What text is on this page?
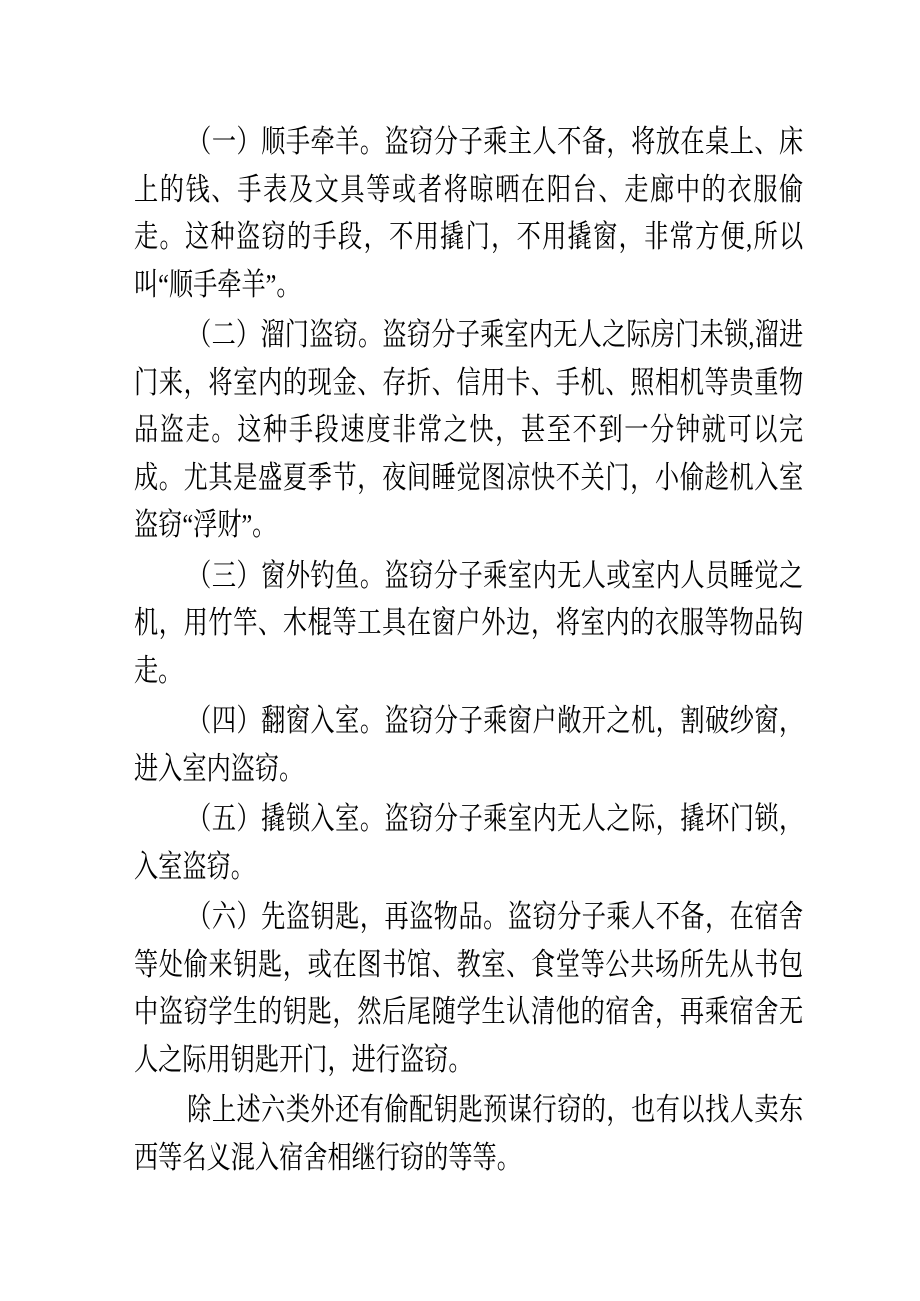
（一）顺手牵羊。盗窃分子乘主人不备，将放在桌上、床上的钱、手表及文具等或者将晾晒在阳台、走廊中的衣服偷走。这种盗窃的手段，不用撬门，不用撬窗，非常方便,所以叫“顺手牵羊”。

（二）溜门盗窃。盗窃分子乘室内无人之际房门未锁,溜进门来，将室内的现金、存折、信用卡、手机、照相机等贵重物品盗走。这种手段速度非常之快，甚至不到一分钟就可以完成。尤其是盛夏季节，夜间睡觉图凉快不关门，小偷趁机入室盗窃“浮财”。

（三）窗外钓鱼。盗窃分子乘室内无人或室内人员睡觉之机，用竹竿、木棍等工具在窗户外边，将室内的衣服等物品钩走。

（四）翻窗入室。盗窃分子乘窗户敞开之机，割破纱窗，进入室内盗窃。

（五）撬锁入室。盗窃分子乘室内无人之际，撬坏门锁，入室盗窃。

（六）先盗钥匙，再盗物品。盗窃分子乘人不备，在宿舍等处偷来钥匙，或在图书馆、教室、食堂等公共场所先从书包中盗窃学生的钥匙，然后尾随学生认清他的宿舍，再乘宿舍无人之际用钥匙开门，进行盗窃。

除上述六类外还有偷配钥匙预谋行窃的，也有以找人卖东西等名义混入宿舍相继行窃的等等。
